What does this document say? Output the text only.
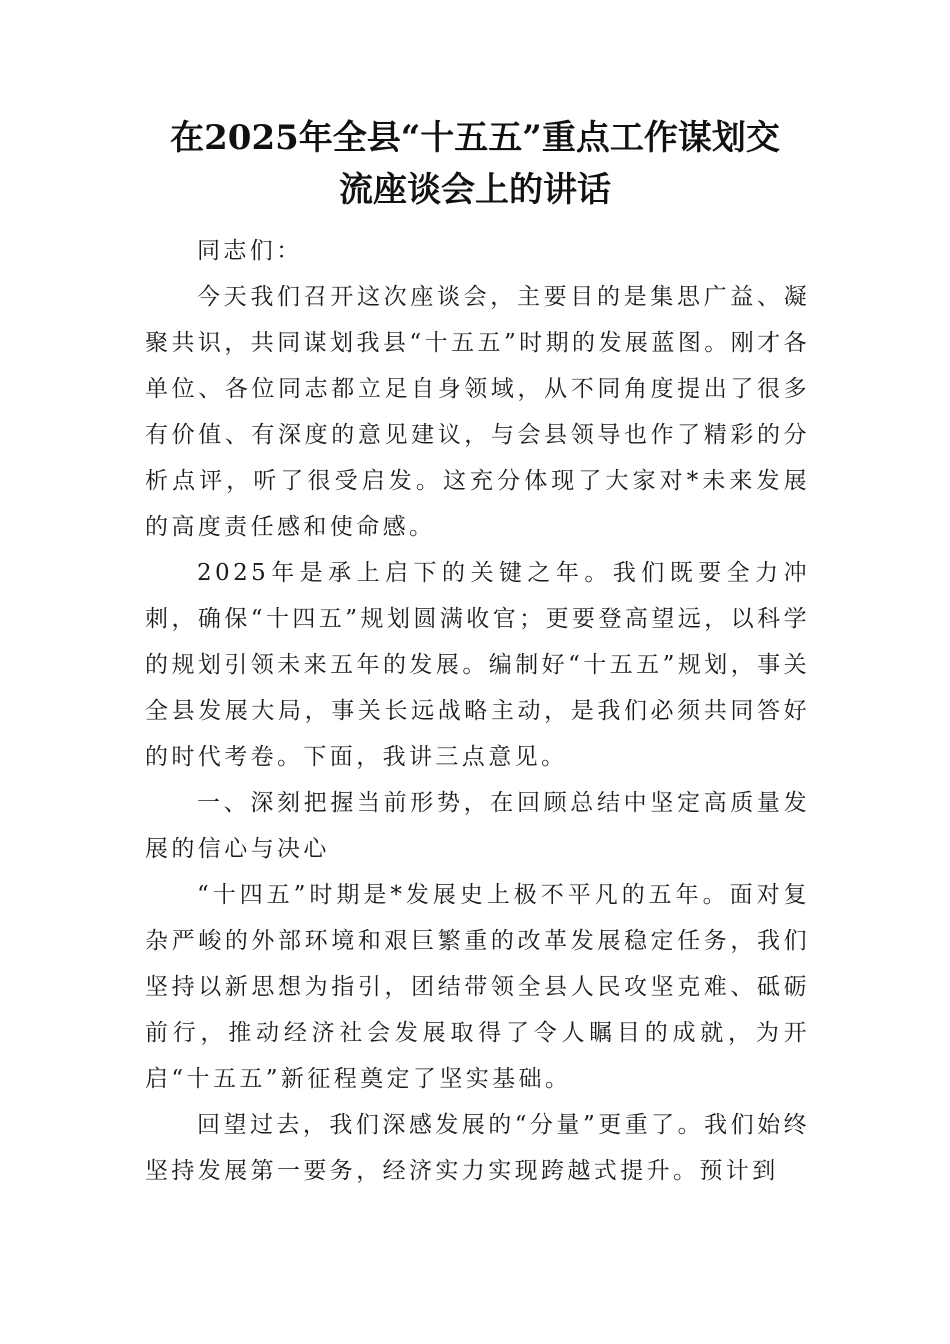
在2025年全县“十五五”重点工作谋划交
流座谈会上的讲话

同志们：

今天我们召开这次座谈会，主要目的是集思广益、凝聚共识，共同谋划我县“十五五”时期的发展蓝图。刚才各单位、各位同志都立足自身领域，从不同角度提出了很多有价值、有深度的意见建议，与会县领导也作了精彩的分析点评，听了很受启发。这充分体现了大家对*未来发展的高度责任感和使命感。

2025年是承上启下的关键之年。我们既要全力冲刺，确保“十四五”规划圆满收官；更要登高望远，以科学的规划引领未来五年的发展。编制好“十五五”规划，事关全县发展大局，事关长远战略主动，是我们必须共同答好的时代考卷。下面，我讲三点意见。

一、深刻把握当前形势，在回顾总结中坚定高质量发展的信心与决心

“十四五”时期是*发展史上极不平凡的五年。面对复杂严峻的外部环境和艰巨繁重的改革发展稳定任务，我们坚持以新思想为指引，团结带领全县人民攻坚克难、砥砺前行，推动经济社会发展取得了令人瞩目的成就，为开启“十五五”新征程奠定了坚实基础。

回望过去，我们深感发展的“分量”更重了。我们始终坚持发展第一要务，经济实力实现跨越式提升。预计到
